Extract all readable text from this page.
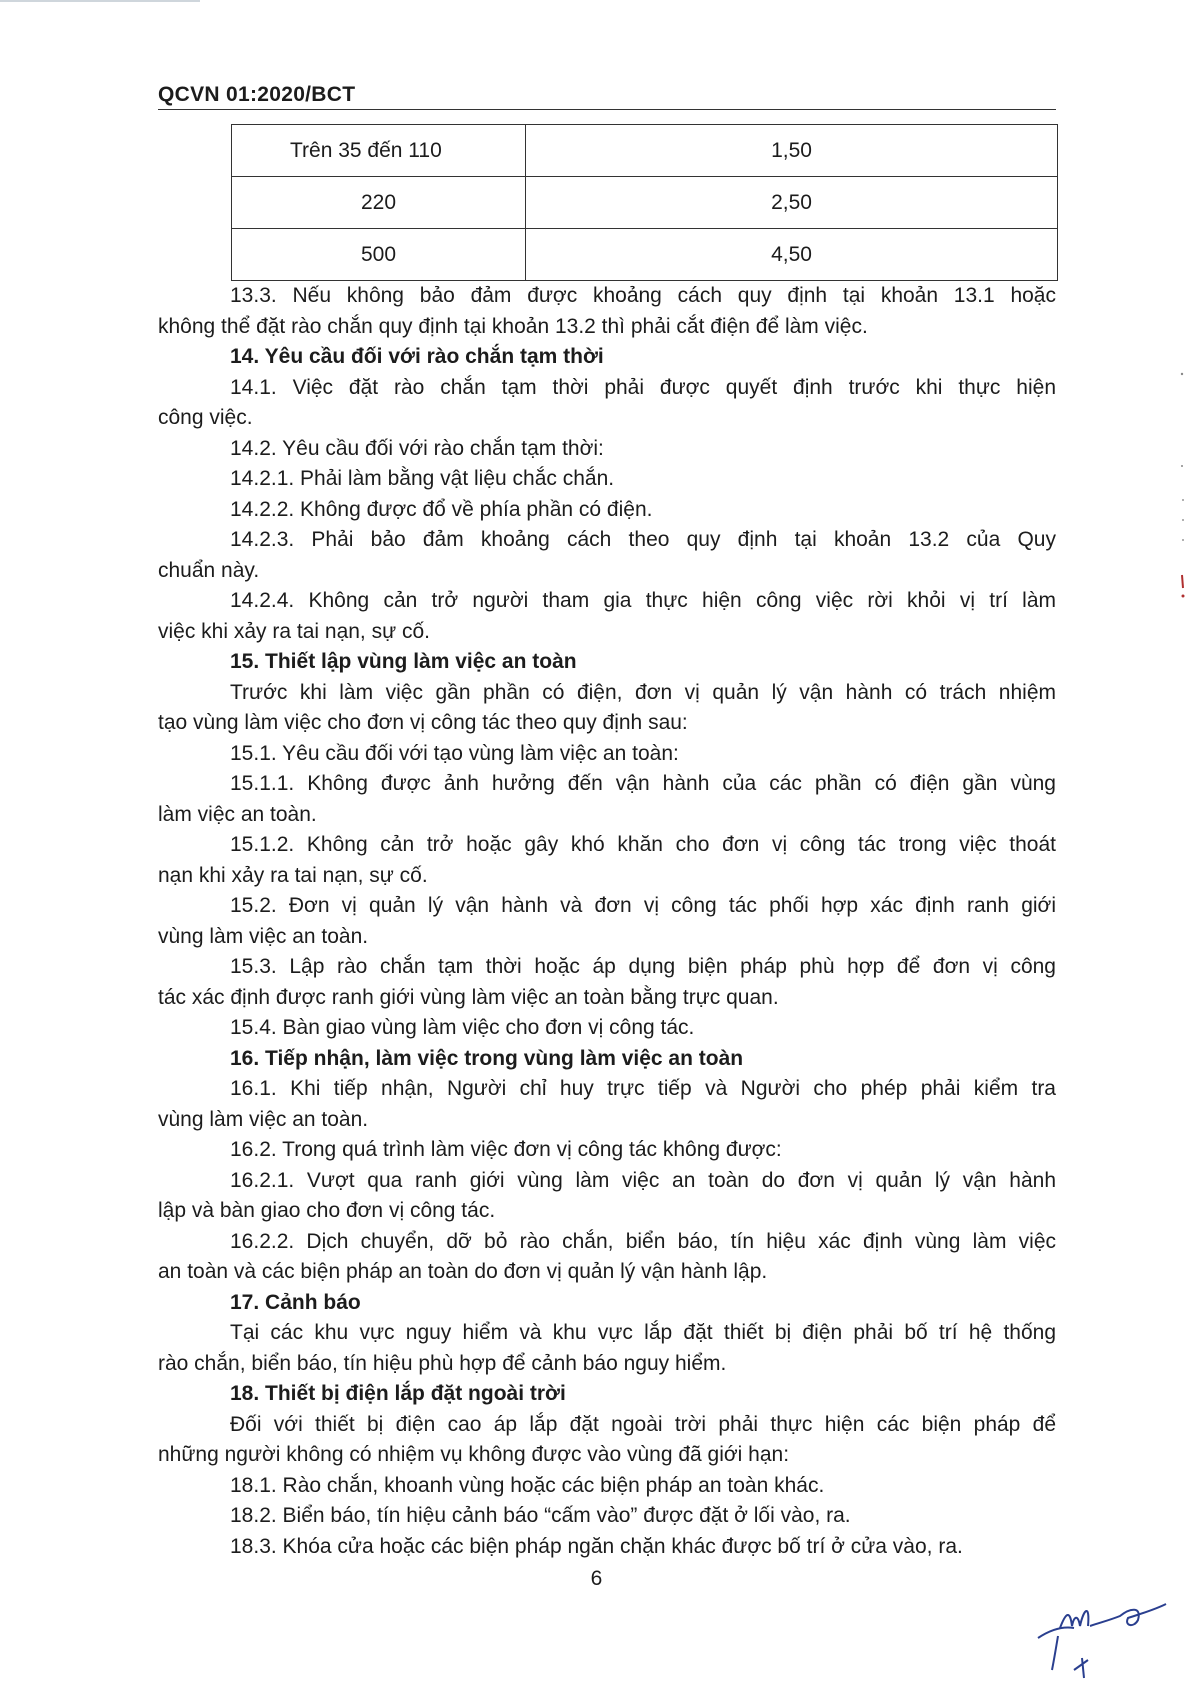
QCVN 01:2020/BCT
Trên 35 đến 110	1,50

220	2,50

500	4,50
13.3. Nếu không bảo đảm được khoảng cách quy định tại khoản 13.1 hoặc
không thể đặt rào chắn quy định tại khoản 13.2 thì phải cắt điện để làm việc.
14. Yêu cầu đối với rào chắn tạm thời
14.1. Việc đặt rào chắn tạm thời phải được quyết định trước khi thực hiện
công việc.
14.2. Yêu cầu đối với rào chắn tạm thời:
14.2.1. Phải làm bằng vật liệu chắc chắn.
14.2.2. Không được đổ về phía phần có điện.
14.2.3. Phải bảo đảm khoảng cách theo quy định tại khoản 13.2 của Quy
chuẩn này.
14.2.4. Không cản trở người tham gia thực hiện công việc rời khỏi vị trí làm
việc khi xảy ra tai nạn, sự cố.
15. Thiết lập vùng làm việc an toàn
Trước khi làm việc gần phần có điện, đơn vị quản lý vận hành có trách nhiệm
tạo vùng làm việc cho đơn vị công tác theo quy định sau:
15.1. Yêu cầu đối với tạo vùng làm việc an toàn:
15.1.1. Không được ảnh hưởng đến vận hành của các phần có điện gần vùng
làm việc an toàn.
15.1.2. Không cản trở hoặc gây khó khăn cho đơn vị công tác trong việc thoát
nạn khi xảy ra tai nạn, sự cố.
15.2. Đơn vị quản lý vận hành và đơn vị công tác phối hợp xác định ranh giới
vùng làm việc an toàn.
15.3. Lập rào chắn tạm thời hoặc áp dụng biện pháp phù hợp để đơn vị công
tác xác định được ranh giới vùng làm việc an toàn bằng trực quan.
15.4. Bàn giao vùng làm việc cho đơn vị công tác.
16. Tiếp nhận, làm việc trong vùng làm việc an toàn
16.1. Khi tiếp nhận, Người chỉ huy trực tiếp và Người cho phép phải kiểm tra
vùng làm việc an toàn.
16.2. Trong quá trình làm việc đơn vị công tác không được:
16.2.1. Vượt qua ranh giới vùng làm việc an toàn do đơn vị quản lý vận hành
lập và bàn giao cho đơn vị công tác.
16.2.2. Dịch chuyển, dỡ bỏ rào chắn, biển báo, tín hiệu xác định vùng làm việc
an toàn và các biện pháp an toàn do đơn vị quản lý vận hành lập.
17. Cảnh báo
Tại các khu vực nguy hiểm và khu vực lắp đặt thiết bị điện phải bố trí hệ thống
rào chắn, biển báo, tín hiệu phù hợp để cảnh báo nguy hiểm.
18. Thiết bị điện lắp đặt ngoài trời
Đối với thiết bị điện cao áp lắp đặt ngoài trời phải thực hiện các biện pháp để
những người không có nhiệm vụ không được vào vùng đã giới hạn:
18.1. Rào chắn, khoanh vùng hoặc các biện pháp an toàn khác.
18.2. Biển báo, tín hiệu cảnh báo “cấm vào” được đặt ở lối vào, ra.
18.3. Khóa cửa hoặc các biện pháp ngăn chặn khác được bố trí ở cửa vào, ra.
6
